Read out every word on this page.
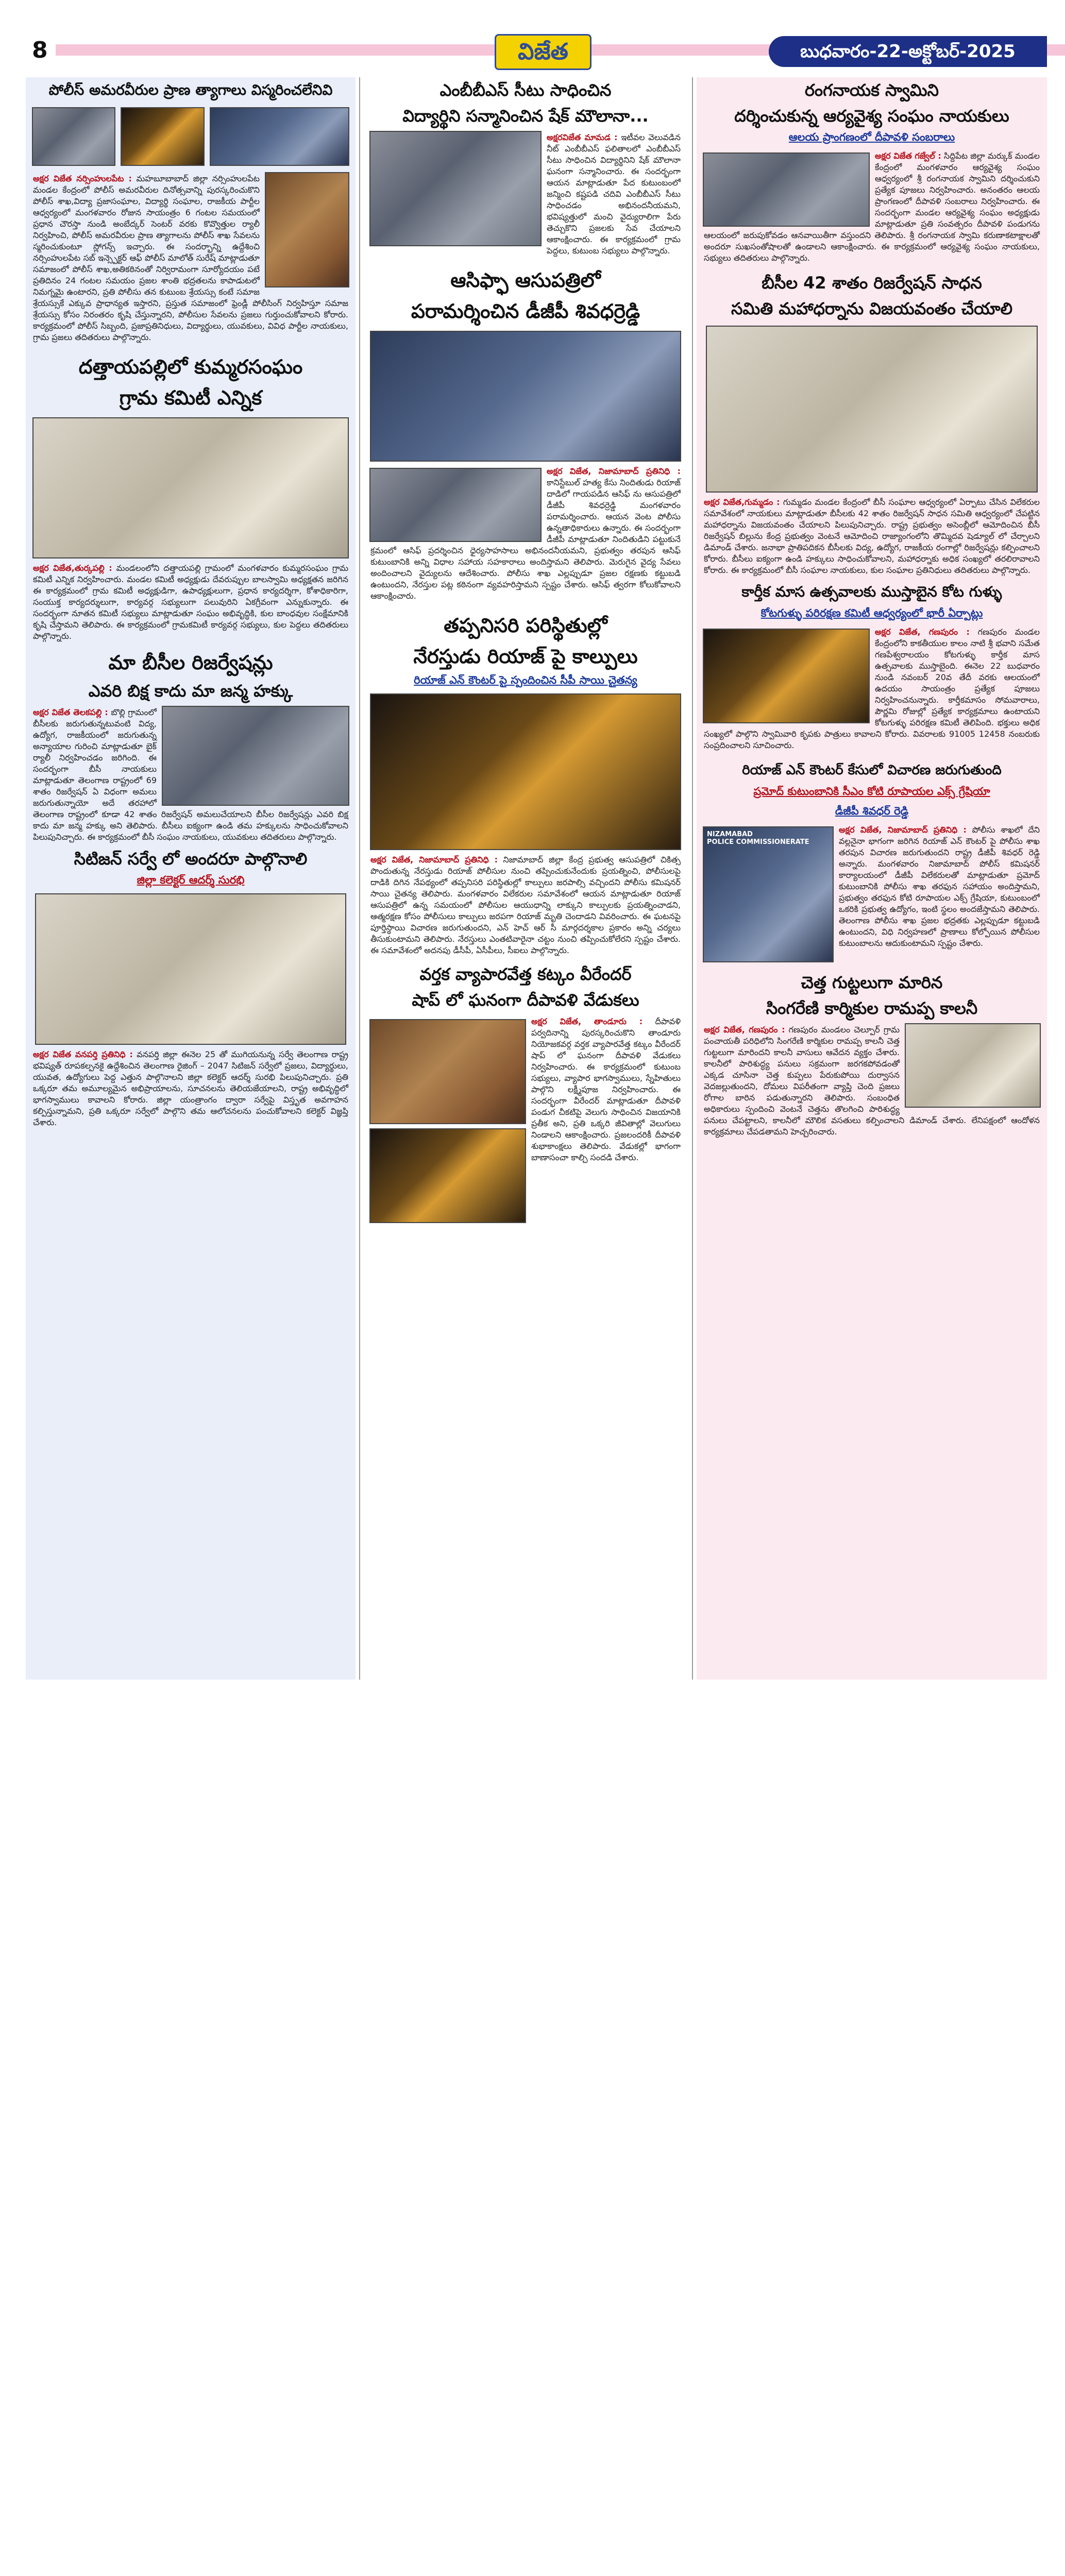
8	విజేత	బుధవారం-22-అక్టోబర్-2025
పోలీస్ అమరవీరుల ప్రాణ త్యాగాలు విస్మరించలేనివి
అక్షర విజేత నర్సింహులపేట : మహబూబాబాద్ జిల్లా నర్సింహులపేట మండల కేంద్రంలో పోలీస్ అమరవీరుల దినోత్సవాన్ని పురస్కరించుకొని పోలీస్ శాఖ,విద్యా ప్రజాసంఘాల, విద్యార్థి సంఘాల, రాజకీయ పార్టీల ఆధ్వర్యంలో మంగళవారం రోజున సాయంత్రం 6 గంటల సమయంలో ప్రధాన చౌరస్తా నుండి అంబేద్కర్ సెంటర్ వరకు కొవ్వొత్తుల ర్యాలీ నిర్వహించి, పోలీస్ అమరవీరుల ప్రాణ త్యాగాలను పోలీస్ శాఖ సేవలను స్మరించుకుంటూ స్లోగన్స్ ఇచ్చారు. ఈ సందర్భాన్ని ఉద్దేశించి నర్సింహులపేట సబ్ ఇన్స్పెక్టర్ ఆఫ్ పోలీస్ మాలోత్ సురేష్ మాట్లాడుతూ సమాజంలో పోలీస్ శాఖ,అతికఠినంతో నిర్విరామంగా సూర్యోదయం పటే ప్రతిదినం 24 గంటల సమయం ప్రజల శాంతి భద్రతలను కాపాడుటలో నిమగ్నమై ఉంటారని, ప్రతి పోలీసు తన కుటుంబ శ్రేయస్సు కంటే సమాజ శ్రేయస్సుకే ఎక్కువ ప్రాధాన్యత ఇస్తారని, ప్రస్తుత సమాజంలో ఫ్రెండ్లీ పోలీసింగ్ నిర్వహిస్తూ సమాజ శ్రేయస్సు కోసం నిరంతరం కృషి చేస్తున్నారని, పోలీసుల సేవలను ప్రజలు గుర్తుంచుకోవాలని కోరారు. కార్యక్రమంలో పోలీస్ సిబ్బంది, ప్రజాప్రతినిధులు, విద్యార్థులు, యువకులు, వివిధ పార్టీల నాయకులు, గ్రామ ప్రజలు తదితరులు పాల్గొన్నారు.
దత్తాయపల్లిలో కుమ్మరసంఘం
గ్రామ కమిటీ ఎన్నిక
అక్షర విజేత,తుర్కపల్లి : మండలంలోని దత్తాయపల్లి గ్రామంలో మంగళవారం కుమ్మరసంఘం గ్రామ కమిటీ ఎన్నిక నిర్వహించారు. మండల కమిటీ అధ్యక్షుడు దేవరుప్పుల బాలస్వామి అధ్యక్షతన జరిగిన ఈ కార్యక్రమంలో గ్రామ కమిటీ అధ్యక్షుడిగా, ఉపాధ్యక్షులుగా, ప్రధాన కార్యదర్శిగా, కోశాధికారిగా, సంయుక్త కార్యదర్శులుగా, కార్యవర్గ సభ్యులుగా పలువురిని ఏకగ్రీవంగా ఎన్నుకున్నారు. ఈ సందర్భంగా నూతన కమిటీ సభ్యులు మాట్లాడుతూ సంఘం అభివృద్ధికి, కుల బాంధవుల సంక్షేమానికి కృషి చేస్తామని తెలిపారు. ఈ కార్యక్రమంలో గ్రామకమిటీ కార్యవర్గ సభ్యులు, కుల పెద్దలు తదితరులు పాల్గొన్నారు.
మా బీసీల రిజర్వేషన్లు
ఎవరి బిక్ష కాదు మా జన్మ హక్కు
అక్షర విజేత తెలకపల్లి : బొల్లి గ్రామంలో బీసీలకు జరుగుతున్నటువంటి విద్య, ఉద్యోగ, రాజకీయంలో జరుగుతున్న అన్యాయాల గురించి మాట్లాడుతూ బైక్ ర్యాలీ నిర్వహించడం జరిగింది. ఈ సందర్భంగా బీసీ నాయకులు మాట్లాడుతూ తెలంగాణ రాష్ట్రంలో 69 శాతం రిజర్వేషన్ ఏ విధంగా అమలు జరుగుతున్నాయో అదే తరహాలో తెలంగాణ రాష్ట్రంలో కూడా 42 శాతం రిజర్వేషన్ అమలుచేయాలని బీసీల రిజర్వేషన్లు ఎవరి బిక్ష కాదు మా జన్మ హక్కు అని తెలిపారు. బీసీలు ఐక్యంగా ఉండి తమ హక్కులను సాధించుకోవాలని పిలుపునిచ్చారు. ఈ కార్యక్రమంలో బీసీ సంఘం నాయకులు, యువకులు తదితరులు పాల్గొన్నారు.
సిటిజన్ సర్వే లో అందరూ పాల్గొనాలి
జిల్లా కలెక్టర్ ఆదర్శ్ సురభి
అక్షర విజేత వనపర్తి ప్రతినిధి : వనపర్తి జిల్లా ఈనెల 25 తో ముగియనున్న సర్వే తెలంగాణ రాష్ట్ర భవిష్యత్ రూపకల్పనకై ఉద్దేశించిన తెలంగాణ రైజింగ్ – 2047 సిటిజన్ సర్వేలో ప్రజలు, విద్యార్థులు, యువత, ఉద్యోగులు పెద్ద ఎత్తున పాల్గొనాలని జిల్లా కలెక్టర్ ఆదర్శ్ సురభి పిలుపునిచ్చారు. ప్రతి ఒక్కరూ తమ అమూల్యమైన అభిప్రాయాలను, సూచనలను తెలియజేయాలని, రాష్ట్ర అభివృద్ధిలో భాగస్వాములు కావాలని కోరారు. జిల్లా యంత్రాంగం ద్వారా సర్వేపై విస్తృత అవగాహన కల్పిస్తున్నామని, ప్రతి ఒక్కరూ సర్వేలో పాల్గొని తమ ఆలోచనలను పంచుకోవాలని కలెక్టర్ విజ్ఞప్తి చేశారు.
ఎంబీబీఎస్ సీటు సాధించిన
విద్యార్థిని సన్మానించిన షేక్ మౌలానా...
అక్షరవిజేత మామడ : ఇటీవల వెలువడిన నీట్ ఎంబీబీఎస్ ఫలితాలలో ఎంబీబీఎస్ సీటు సాధించిన విద్యార్థినిని షేక్ మౌలానా ఘనంగా సన్మానించారు. ఈ సందర్భంగా ఆయన మాట్లాడుతూ పేద కుటుంబంలో జన్మించి కష్టపడి చదివి ఎంబీబీఎస్ సీటు సాధించడం అభినందనీయమని, భవిష్యత్తులో మంచి వైద్యురాలిగా పేరు తెచ్చుకొని ప్రజలకు సేవ చేయాలని ఆకాంక్షించారు. ఈ కార్యక్రమంలో గ్రామ పెద్దలు, కుటుంబ సభ్యులు పాల్గొన్నారు.
ఆసిఫ్ఫా ఆసుపత్రిలో
పరామర్శించిన డీజీపీ శివధర్రెడ్డి
అక్షర విజేత, నిజామాబాద్ ప్రతినిధి : కానిస్టేబుల్ హత్య కేసు నిందితుడు రియాజ్ దాడిలో గాయపడిన ఆసిఫ్ ను ఆసుపత్రిలో డీజీపీ శివధర్రెడ్డి మంగళవారం పరామర్శించారు. ఆయన వెంట పోలీసు ఉన్నతాధికారులు ఉన్నారు. ఈ సందర్భంగా డీజీపీ మాట్లాడుతూ నిందితుడిని పట్టుకునే క్రమంలో ఆసిఫ్ ప్రదర్శించిన ధైర్యసాహసాలు అభినందనీయమని, ప్రభుత్వం తరపున ఆసిఫ్ కుటుంబానికి అన్ని విధాల సహాయ సహకారాలు అందిస్తామని తెలిపారు. మెరుగైన వైద్య సేవలు అందించాలని వైద్యులను ఆదేశించారు. పోలీసు శాఖ ఎల్లప్పుడూ ప్రజల రక్షణకు కట్టుబడి ఉంటుందని, నేరస్తుల పట్ల కఠినంగా వ్యవహరిస్తామని స్పష్టం చేశారు. ఆసిఫ్ త్వరగా కోలుకోవాలని ఆకాంక్షించారు.
తప్పనిసరి పరిస్థితుల్లో
నేరస్తుడు రియాజ్ పై కాల్పులు
రియాజ్ ఎన్ కౌంటర్ పై స్పందించిన సీపీ సాయి చైతన్య
అక్షర విజేత, నిజామాబాద్ ప్రతినిధి : నిజామాబాద్ జిల్లా కేంద్ర ప్రభుత్వ ఆసుపత్రిలో చికిత్స పొందుతున్న నేరస్తుడు రియాజ్ పోలీసుల నుంచి తప్పించుకునేందుకు ప్రయత్నించి, పోలీసులపై దాడికి దిగిన నేపథ్యంలో తప్పనిసరి పరిస్థితుల్లో కాల్పులు జరపాల్సి వచ్చిందని పోలీసు కమిషనర్ సాయి చైతన్య తెలిపారు. మంగళవారం విలేకరుల సమావేశంలో ఆయన మాట్లాడుతూ రియాజ్ ఆసుపత్రిలో ఉన్న సమయంలో పోలీసుల ఆయుధాన్ని లాక్కుని కాల్పులకు ప్రయత్నించాడని, ఆత్మరక్షణ కోసం పోలీసులు కాల్పులు జరపగా రియాజ్ మృతి చెందాడని వివరించారు. ఈ ఘటనపై పూర్తిస్థాయి విచారణ జరుగుతుందని, ఎన్ హెచ్ ఆర్ సీ మార్గదర్శకాల ప్రకారం అన్ని చర్యలు తీసుకుంటామని తెలిపారు. నేరస్తులు ఎంతటివారైనా చట్టం నుంచి తప్పించుకోలేరని స్పష్టం చేశారు. ఈ సమావేశంలో అదనపు డీసీపీ, ఏసీపీలు, సీఐలు పాల్గొన్నారు.
వర్తక వ్యాపారవేత్త కట్కం వీరేందర్
షాప్ లో ఘనంగా దీపావళి వేడుకలు
అక్షర విజేత, తాండూరు : దీపావళి పర్వదినాన్ని పురస్కరించుకొని తాండూరు నియోజకవర్గ వర్తక వ్యాపారవేత్త కట్కం వీరేందర్ షాప్ లో ఘనంగా దీపావళి వేడుకలు నిర్వహించారు. ఈ కార్యక్రమంలో కుటుంబ సభ్యులు, వ్యాపార భాగస్వాములు, స్నేహితులు పాల్గొని లక్ష్మీపూజ నిర్వహించారు. ఈ సందర్భంగా వీరేందర్ మాట్లాడుతూ దీపావళి పండుగ చీకటిపై వెలుగు సాధించిన విజయానికి ప్రతీక అని, ప్రతి ఒక్కరి జీవితాల్లో వెలుగులు నిండాలని ఆకాంక్షించారు. ప్రజలందరికీ దీపావళి శుభాకాంక్షలు తెలిపారు. వేడుకల్లో భాగంగా బాణాసంచా కాల్చి సందడి చేశారు.
రంగనాయక స్వామిని
దర్శించుకున్న ఆర్యవైశ్య సంఘం నాయకులు
ఆలయ ప్రాంగణంలో దీపావళి సంబరాలు
అక్షర విజేత గజ్వేల్ : సిద్దిపేట జిల్లా మర్కుక్ మండల కేంద్రంలో మంగళవారం ఆర్యవైశ్య సంఘం ఆధ్వర్యంలో శ్రీ రంగనాయక స్వామిని దర్శించుకుని ప్రత్యేక పూజలు నిర్వహించారు. అనంతరం ఆలయ ప్రాంగణంలో దీపావళి సంబరాలు నిర్వహించారు. ఈ సందర్భంగా మండల ఆర్యవైశ్య సంఘం అధ్యక్షుడు మాట్లాడుతూ ప్రతి సంవత్సరం దీపావళి పండుగను ఆలయంలో జరుపుకోవడం ఆనవాయితీగా వస్తుందని తెలిపారు. శ్రీ రంగనాయక స్వామి కరుణాకటాక్షాలతో అందరూ సుఖసంతోషాలతో ఉండాలని ఆకాంక్షించారు. ఈ కార్యక్రమంలో ఆర్యవైశ్య సంఘం నాయకులు, సభ్యులు తదితరులు పాల్గొన్నారు.
బీసీల 42 శాతం రిజర్వేషన్ సాధన
సమితి మహాధర్నాను విజయవంతం చేయాలి
అక్షర విజేత,గుమ్మడం : గుమ్మడం మండల కేంద్రంలో బీసీ సంఘాల ఆధ్వర్యంలో ఏర్పాటు చేసిన విలేకరుల సమావేశంలో నాయకులు మాట్లాడుతూ బీసీలకు 42 శాతం రిజర్వేషన్ సాధన సమితి ఆధ్వర్యంలో చేపట్టిన మహాధర్నాను విజయవంతం చేయాలని పిలుపునిచ్చారు. రాష్ట్ర ప్రభుత్వం అసెంబ్లీలో ఆమోదించిన బీసీ రిజర్వేషన్ బిల్లును కేంద్ర ప్రభుత్వం వెంటనే ఆమోదించి రాజ్యాంగంలోని తొమ్మిదవ షెడ్యూల్ లో చేర్చాలని డిమాండ్ చేశారు. జనాభా ప్రాతిపదికన బీసీలకు విద్య, ఉద్యోగ, రాజకీయ రంగాల్లో రిజర్వేషన్లు కల్పించాలని కోరారు. బీసీలు ఐక్యంగా ఉండి హక్కులు సాధించుకోవాలని, మహాధర్నాకు అధిక సంఖ్యలో తరలిరావాలని కోరారు. ఈ కార్యక్రమంలో బీసీ సంఘాల నాయకులు, కుల సంఘాల ప్రతినిధులు తదితరులు పాల్గొన్నారు.
కార్తీక మాస ఉత్సవాలకు ముస్తాబైన కోట గుళ్ళు
కోటగుళ్ళు పరిరక్షణ కమిటీ ఆధ్వర్యంలో భారీ ఏర్పాట్లు
అక్షర విజేత, గణపురం : గణపురం మండల కేంద్రంలోని కాకతీయుల కాలం నాటి శ్రీ భవాని సమేత గణపేశ్వరాలయం కోటగుళ్ళు కార్తీక మాస ఉత్సవాలకు ముస్తాబైంది. ఈనెల 22 బుధవారం నుండి నవంబర్ 20వ తేదీ వరకు ఆలయంలో ఉదయం సాయంత్రం ప్రత్యేక పూజలు నిర్వహించనున్నారు. కార్తీకమాసం సోమవారాలు, పౌర్ణమి రోజుల్లో ప్రత్యేక కార్యక్రమాలు ఉంటాయని కోటగుళ్ళు పరిరక్షణ కమిటీ తెలిపింది. భక్తులు అధిక సంఖ్యలో పాల్గొని స్వామివారి కృపకు పాత్రులు కావాలని కోరారు. వివరాలకు 91005 12458 నంబరుకు సంప్రదించాలని సూచించారు.
రియాజ్ ఎన్ కౌంటర్ కేసులో విచారణ జరుగుతుంది
ప్రమోద్ కుటుంబానికి సీఎం కోటి రూపాయల ఎక్స్ గ్రేషియా
డీజీపీ శివధర్ రెడ్డి
NIZAMABAD
POLICE COMMISSIONERATE
అక్షర విజేత, నిజామాబాద్ ప్రతినిధి : పోలీసు శాఖలో దేని వల్లనైనా భాగంగా జరిగిన రియాజ్ ఎన్ కౌంటర్ పై పోలీసు శాఖ తరపున విచారణ జరుగుతుందని రాష్ట్ర డీజీపీ శివధర్ రెడ్డి అన్నారు. మంగళవారం నిజామాబాద్ పోలీస్ కమిషనర్ కార్యాలయంలో డీజీపీ విలేకరులతో మాట్లాడుతూ ప్రమోద్ కుటుంబానికి పోలీసు శాఖ తరఫున సహాయం అందిస్తామని, ప్రభుత్వం తరఫున కోటి రూపాయల ఎక్స్ గ్రేషియా, కుటుంబంలో ఒకరికి ప్రభుత్వ ఉద్యోగం, ఇంటి స్థలం అందజేస్తామని తెలిపారు. తెలంగాణ పోలీసు శాఖ ప్రజల భద్రతకు ఎల్లప్పుడూ కట్టుబడి ఉంటుందని, విధి నిర్వహణలో ప్రాణాలు కోల్పోయిన పోలీసుల కుటుంబాలను ఆదుకుంటామని స్పష్టం చేశారు.
చెత్త గుట్టలుగా మారిన
సింగరేణి కార్మికుల రామప్ప కాలనీ
అక్షర విజేత, గణపురం : గణపురం మండలం చెల్పూర్ గ్రామ పంచాయతీ పరిధిలోని సింగరేణి కార్మికుల రామప్ప కాలనీ చెత్త గుట్టలుగా మారిందని కాలనీ వాసులు ఆవేదన వ్యక్తం చేశారు. కాలనీలో పారిశుద్ధ్య పనులు సక్రమంగా జరగకపోవడంతో ఎక్కడ చూసినా చెత్త కుప్పలు పేరుకుపోయి దుర్వాసన వెదజల్లుతుందని, దోమలు విపరీతంగా వ్యాప్తి చెంది ప్రజలు రోగాల బారిన పడుతున్నారని తెలిపారు. సంబంధిత అధికారులు స్పందించి వెంటనే చెత్తను తొలగించి పారిశుద్ధ్య పనులు చేపట్టాలని, కాలనీలో మౌలిక వసతులు కల్పించాలని డిమాండ్ చేశారు. లేనిపక్షంలో ఆందోళన కార్యక్రమాలు చేపడతామని హెచ్చరించారు.
